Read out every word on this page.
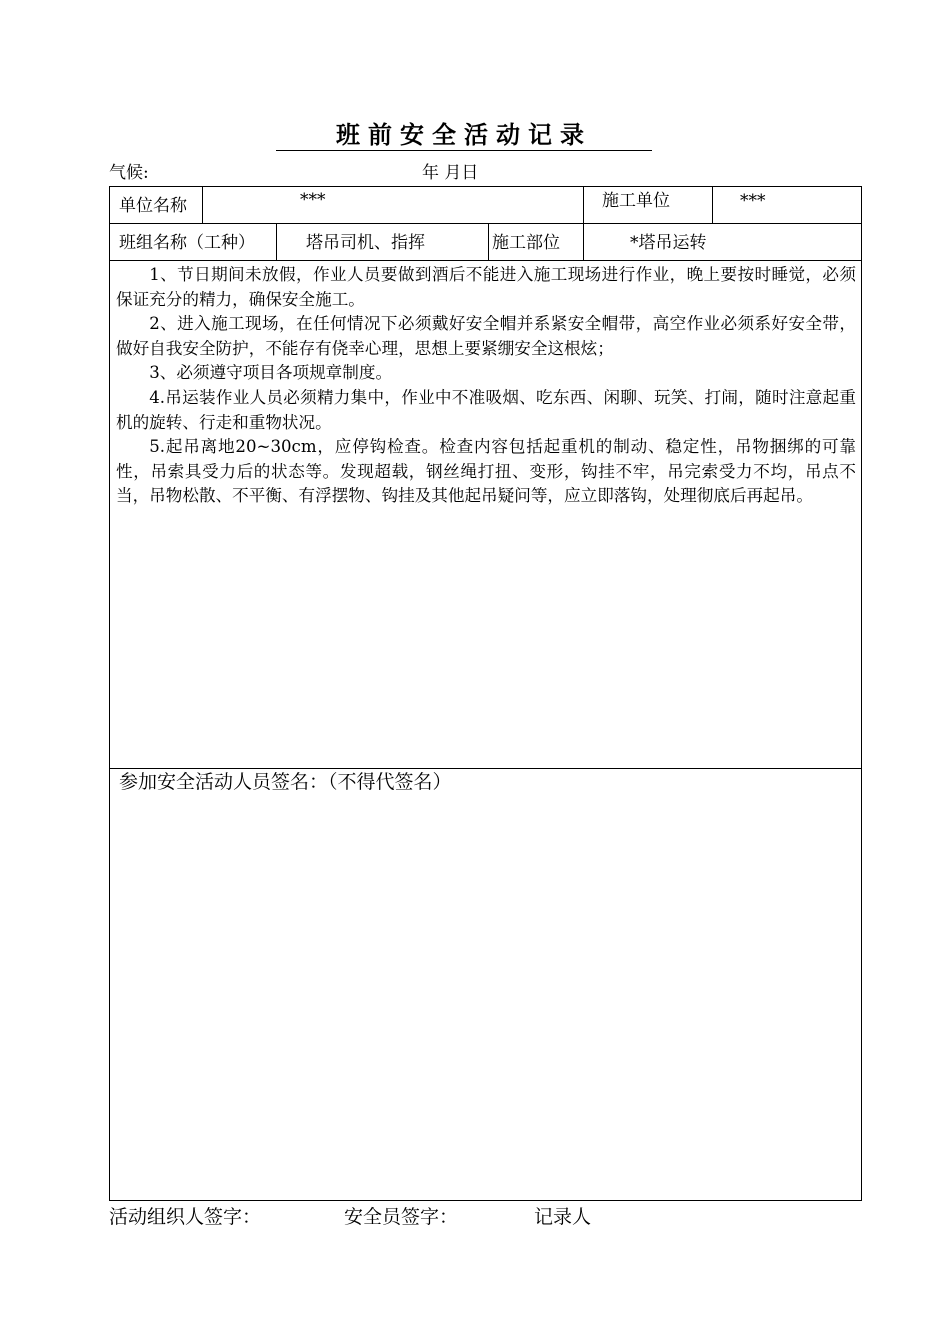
班前安全活动记录
气候:	年 月日
单位名称	***	施工单位	***
班组名称（工种）	塔吊司机、指挥	施工部位	*塔吊运转

1、节日期间未放假，作业人员要做到酒后不能进入施工现场进行作业，晚上要按时睡觉，必须保证充分的精力，确保安全施工。

2、进入施工现场，在任何情况下必须戴好安全帽并系紧安全帽带，高空作业必须系好安全带，做好自我安全防护，不能存有侥幸心理，思想上要紧绷安全这根炫；

3、必须遵守项目各项规章制度。

4.吊运装作业人员必须精力集中，作业中不准吸烟、吃东西、闲聊、玩笑、打闹，随时注意起重机的旋转、行走和重物状况。

5.起吊离地20~30cm，应停钩检查。检查内容包括起重机的制动、稳定性，吊物捆绑的可靠性，吊索具受力后的状态等。发现超载，钢丝绳打扭、变形，钩挂不牢，吊完索受力不均，吊点不当，吊物松散、不平衡、有浮摆物、钩挂及其他起吊疑问等，应立即落钩，处理彻底后再起吊。

参加安全活动人员签名：（不得代签名）
活动组织人签字：	安全员签字：	记录人
